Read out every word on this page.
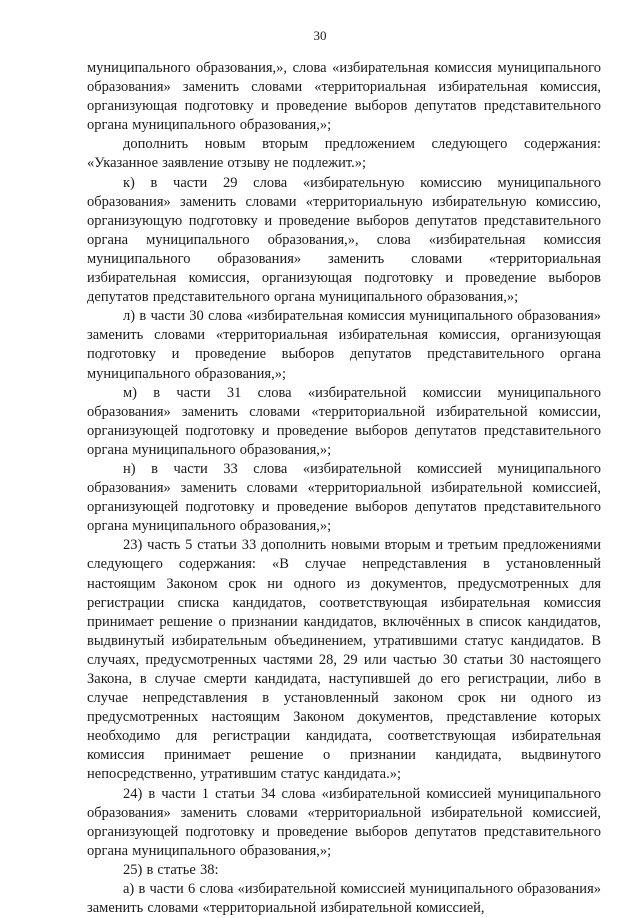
30

муниципального образования,», слова «избирательная комиссия муниципального образования» заменить словами «территориальная избирательная комиссия, организующая подготовку и проведение выборов депутатов представительного органа муниципального образования,»;

дополнить новым вторым предложением следующего содержания: «Указанное заявление отзыву не подлежит.»;

к) в части 29 слова «избирательную комиссию муниципального образования» заменить словами «территориальную избирательную комиссию, организующую подготовку и проведение выборов депутатов представительного органа муниципального образования,», слова «избирательная комиссия муниципального образования» заменить словами «территориальная избирательная комиссия, организующая подготовку и проведение выборов депутатов представительного органа муниципального образования,»;

л) в части 30 слова «избирательная комиссия муниципального образования» заменить словами «территориальная избирательная комиссия, организующая подготовку и проведение выборов депутатов представительного органа муниципального образования,»;

м) в части 31 слова «избирательной комиссии муниципального образования» заменить словами «территориальной избирательной комиссии, организующей подготовку и проведение выборов депутатов представительного органа муниципального образования,»;

н) в части 33 слова «избирательной комиссией муниципального образования» заменить словами «территориальной избирательной комиссией, организующей подготовку и проведение выборов депутатов представительного органа муниципального образования,»;

23) часть 5 статьи 33 дополнить новыми вторым и третьим предложениями следующего содержания: «В случае непредставления в установленный настоящим Законом срок ни одного из документов, предусмотренных для регистрации списка кандидатов, соответствующая избирательная комиссия принимает решение о признании кандидатов, включённых в список кандидатов, выдвинутый избирательным объединением, утратившими статус кандидатов. В случаях, предусмотренных частями 28, 29 или частью 30 статьи 30 настоящего Закона, в случае смерти кандидата, наступившей до его регистрации, либо в случае непредставления в установленный законом срок ни одного из предусмотренных настоящим Законом документов, представление которых необходимо для регистрации кандидата, соответствующая избирательная комиссия принимает решение о признании кандидата, выдвинутого непосредственно, утратившим статус кандидата.»;

24) в части 1 статьи 34 слова «избирательной комиссией муниципального образования» заменить словами «территориальной избирательной комиссией, организующей подготовку и проведение выборов депутатов представительного органа муниципального образования,»;

25) в статье 38:

а) в части 6 слова «избирательной комиссией муниципального образования» заменить словами «территориальной избирательной комиссией,
